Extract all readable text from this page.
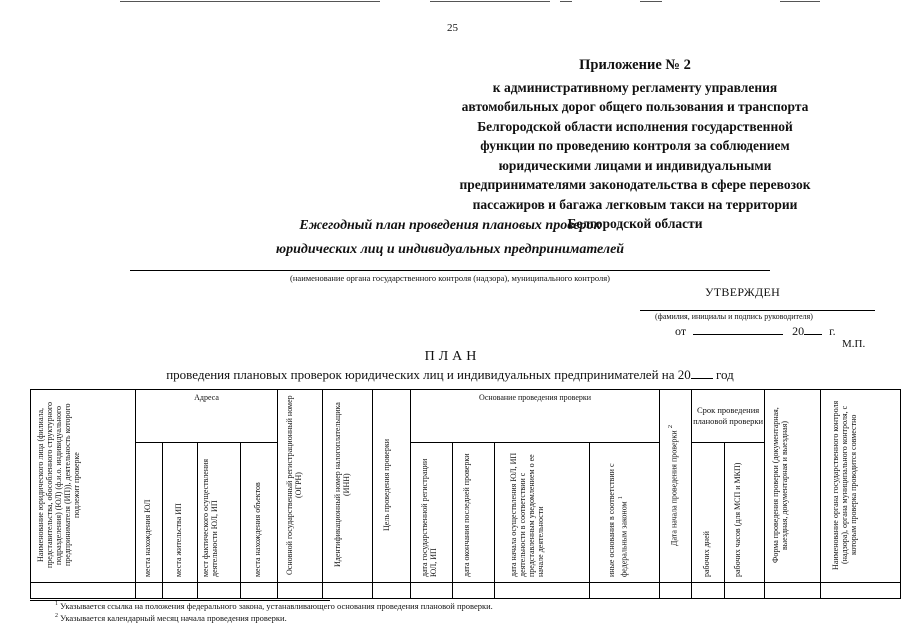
25
Приложение № 2
к административному регламенту управления
автомобильных дорог общего пользования и транспорта
Белгородской области исполнения государственной
функции по проведению контроля за соблюдением
юридическими лицами и индивидуальными
предпринимателями законодательства в сфере перевозок
пассажиров и багажа легковым такси на территории
Белгородской области
Ежегодный план проведения плановых проверок
юридических лиц и индивидуальных предпринимателей
(наименование органа государственного контроля (надзора), муниципального контроля)
УТВЕРЖДЕН
(фамилия, инициалы и подпись руководителя)
от	20 г.
М.П.
ПЛАН
проведения плановых проверок юридических лиц и индивидуальных предпринимателей на 20 год
Наименование юридического лица (филиала, представительства, обособленного структурного подразделения) (ЮЛ) (ф.и.о. индивидуального предпринимателя (ИП)), деятельность которого подлежит проверке	Адреса				Основной государственный регистрационный номер (ОГРН)	Идентификационный номер налогоплательщика (ИНН)	Цель проведения проверки	Основание проведения проверки				Дата начала проведения проверки $^2$	Срок проведения плановой проверки		Форма проведения проверки (документарная, выездная, документарная и выездная)	Наименование органа государственного контроля (надзора), органа муниципального контроля, с которым проверка проводится совместно
	места нахождения ЮЛ	места жительства ИП	мест фактического осуществления деятельности ЮЛ, ИП	места нахождения объектов				дата государственной регистрации ЮЛ, ИП	дата окончания последней проверки	дата начала осуществления ЮЛ, ИП деятельности в соответствии с представленным уведомлением о ее начале деятельности	иные основания в соответствии с федеральным законом $^1$		рабочих дней	рабочих часов (для МСП и МКП)		

$^1$ Указывается ссылка на положения федерального закона, устанавливающего основания проведения плановой проверки.
$^2$ Указывается календарный месяц начала проведения проверки.
